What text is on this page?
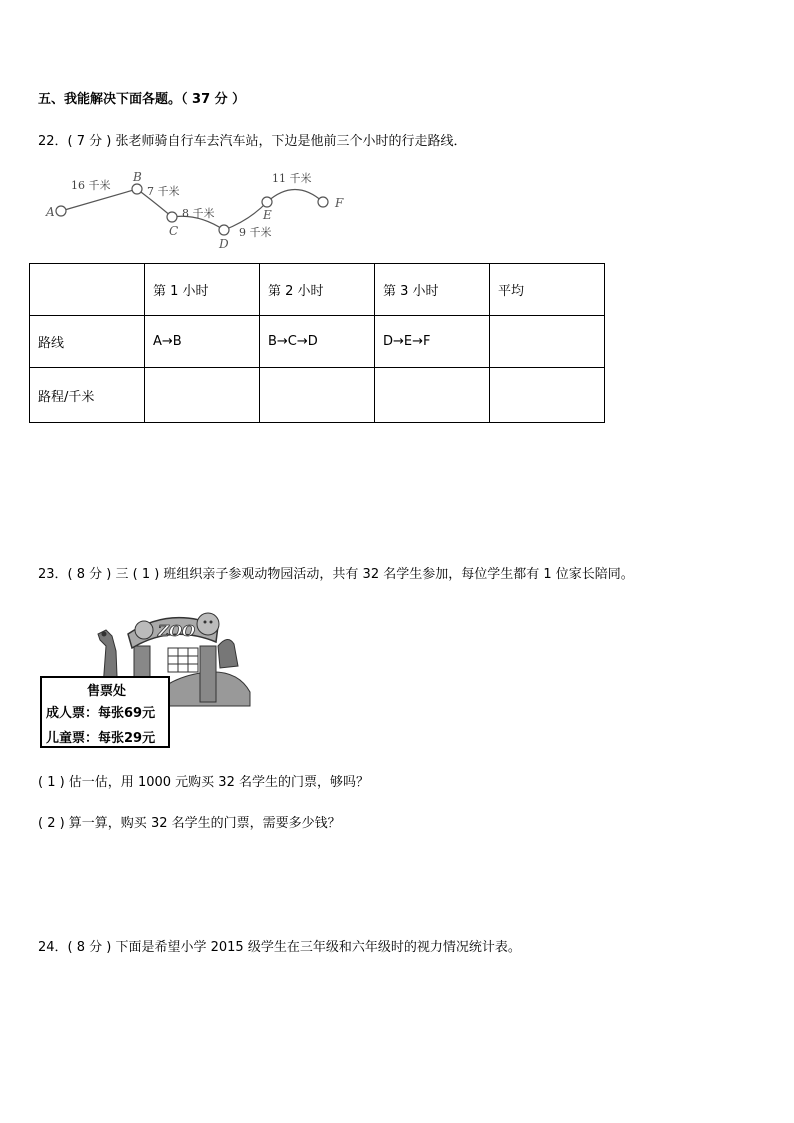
五、我能解决下面各题。（ 37 分 ）
22．( 7 分 ) 张老师骑自行车去汽车站，下边是他前三个小时的行走路线．
A
B
C
D
E
F
16 千米	7 千米
8 千米
9 千米
11 千米
	第 1 小时	第 2 小时	第 3 小时	平均
路线	A→B	B→C→D	D→E→F	
路程/千米				
23．( 8 分 ) 三 ( 1 ) 班组织亲子参观动物园活动，共有 32 名学生参加，每位学生都有 1 位家长陪同。
ZOO
售票处
成人票：每张69元
儿童票：每张29元
( 1 ) 估一估，用 1000 元购买 32 名学生的门票，够吗？
( 2 ) 算一算，购买 32 名学生的门票，需要多少钱？
24．( 8 分 ) 下面是希望小学 2015 级学生在三年级和六年级时的视力情况统计表。
